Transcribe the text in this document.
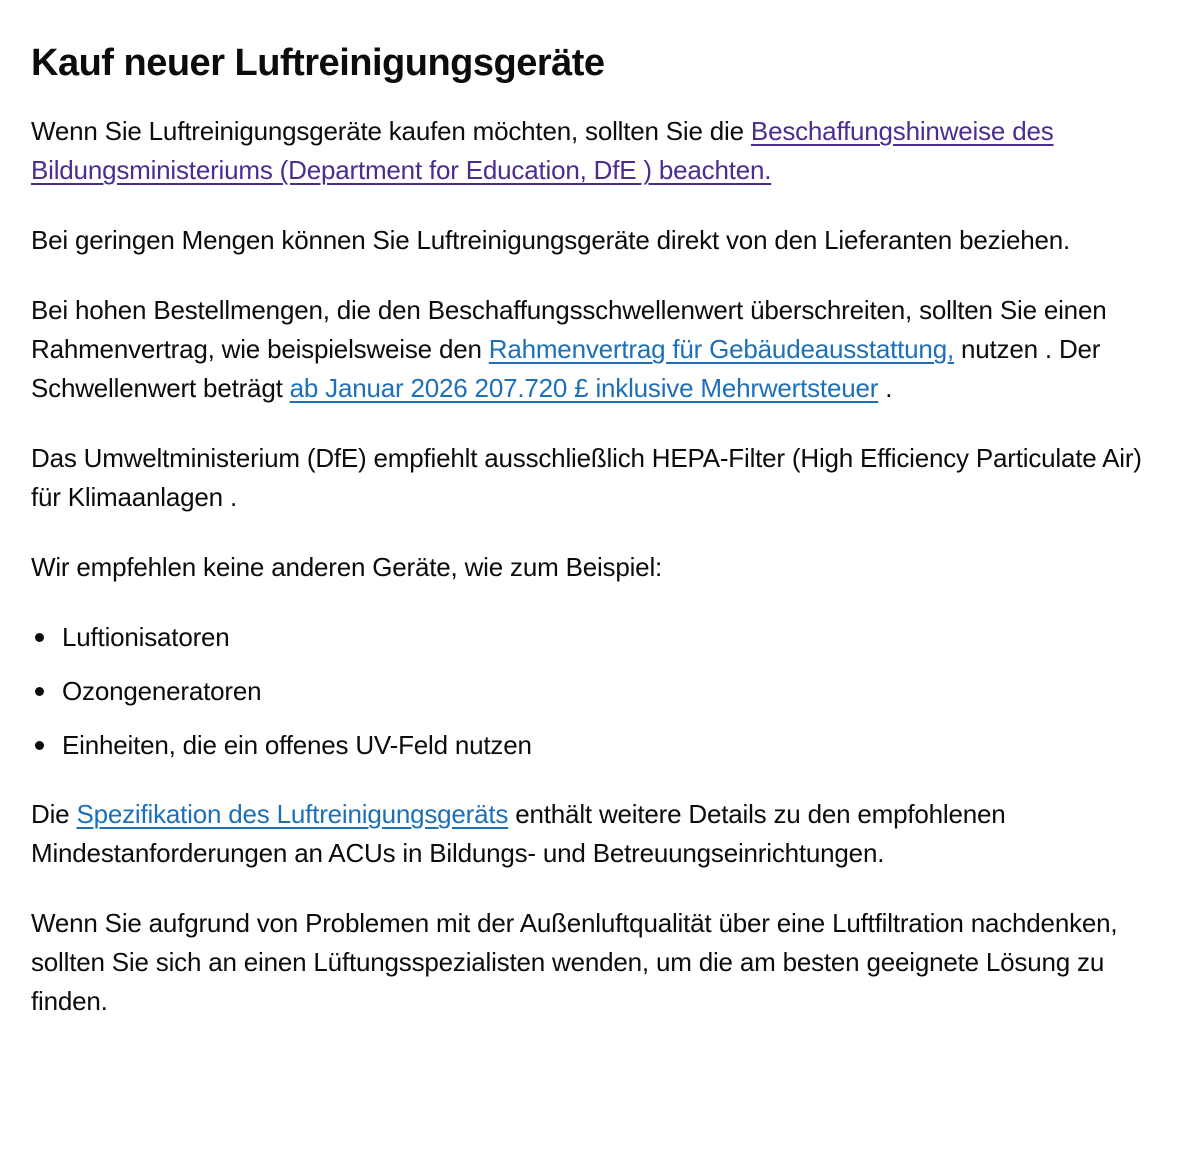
Kauf neuer Luftreinigungsgeräte

Wenn Sie Luftreinigungsgeräte kaufen möchten, sollten Sie die Beschaffungshinweise des Bildungsministeriums (Department for Education, DfE ) beachten.

Bei geringen Mengen können Sie Luftreinigungsgeräte direkt von den Lieferanten beziehen.

Bei hohen Bestellmengen, die den Beschaffungsschwellenwert überschreiten, sollten Sie einen Rahmenvertrag, wie beispielsweise den Rahmenvertrag für Gebäudeausstattung, nutzen . Der Schwellenwert beträgt ab Januar 2026 207.720 £ inklusive Mehrwertsteuer .

Das Umweltministerium (DfE) empfiehlt ausschließlich HEPA-Filter (High Efficiency Particulate Air) für Klimaanlagen .

Wir empfehlen keine anderen Geräte, wie zum Beispiel:

Luftionisatoren
Ozongeneratoren
Einheiten, die ein offenes UV-Feld nutzen

Die Spezifikation des Luftreinigungsgeräts enthält weitere Details zu den empfohlenen Mindestanforderungen an ACUs in Bildungs- und Betreuungseinrichtungen.

Wenn Sie aufgrund von Problemen mit der Außenluftqualität über eine Luftfiltration nachdenken, sollten Sie sich an einen Lüftungsspezialisten wenden, um die am besten geeignete Lösung zu finden.
